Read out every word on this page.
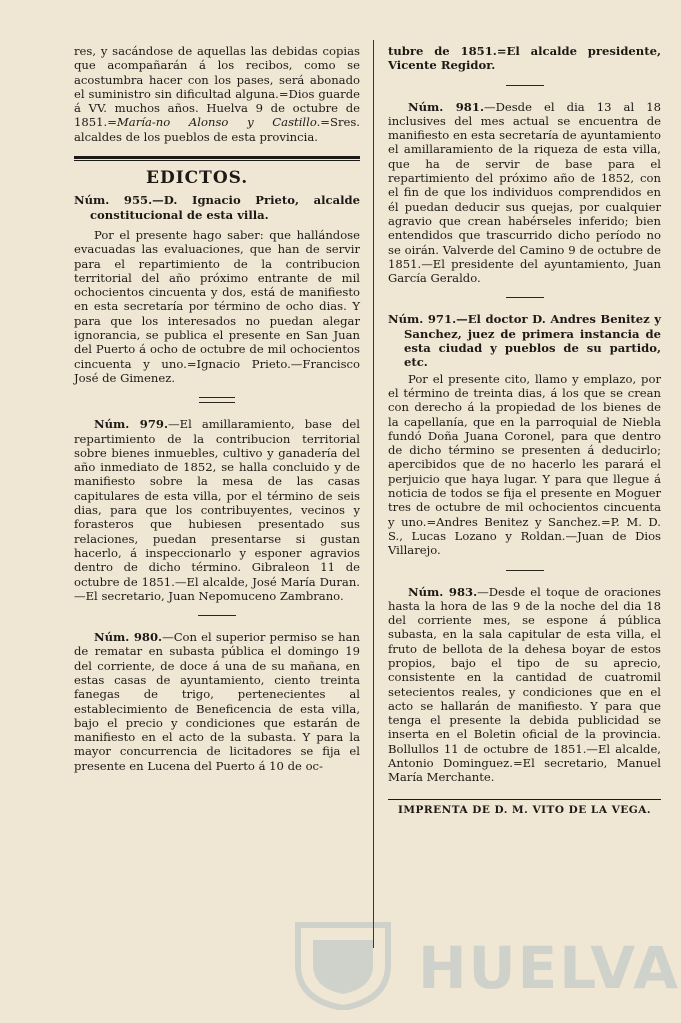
res, y sacándose de aquellas las debidas copias que acompañarán á los recibos, como se acostumbra hacer con los pases, será abonado el suministro sin dificultad alguna.=Dios guarde á VV. muchos años. Huelva 9 de octubre de 1851.=María-no Alonso y Castillo.=Sres. alcaldes de los pueblos de esta provincia.

EDICTOS.

Núm. 955.—D. Ignacio Prieto, alcalde constitucional de esta villa.

Por el presente hago saber: que hallándose evacuadas las evaluaciones, que han de servir para el repartimiento de la contribucion territorial del año próximo entrante de mil ochocientos cincuenta y dos, está de manifiesto en esta secretaría por término de ocho dias. Y para que los interesados no puedan alegar ignorancia, se publica el presente en San Juan del Puerto á ocho de octubre de mil ochocientos cincuenta y uno.=Ignacio Prieto.—Francisco José de Gimenez.

Núm. 979.—El amillaramiento, base del repartimiento de la contribucion territorial sobre bienes inmuebles, cultivo y ganadería del año inmediato de 1852, se halla concluido y de manifiesto sobre la mesa de las casas capitulares de esta villa, por el término de seis dias, para que los contribuyentes, vecinos y forasteros que hubiesen presentado sus relaciones, puedan presentarse si gustan hacerlo, á inspeccionarlo y esponer agravios dentro de dicho término. Gibraleon 11 de octubre de 1851.—El alcalde, José María Duran.—El secretario, Juan Nepomuceno Zambrano.

Núm. 980.—Con el superior permiso se han de rematar en subasta pública el domingo 19 del corriente, de doce á una de su mañana, en estas casas de ayuntamiento, ciento treinta fanegas de trigo, pertenecientes al establecimiento de Beneficencia de esta villa, bajo el precio y condiciones que estarán de manifiesto en el acto de la subasta. Y para la mayor concurrencia de licitadores se fija el presente en Lucena del Puerto á 10 de oc-

tubre de 1851.=El alcalde presidente, Vicente Regidor.

Núm. 981.—Desde el dia 13 al 18 inclusives del mes actual se encuentra de manifiesto en esta secretaría de ayuntamiento el amillaramiento de la riqueza de esta villa, que ha de servir de base para el repartimiento del próximo año de 1852, con el fin de que los individuos comprendidos en él puedan deducir sus quejas, por cualquier agravio que crean habérseles inferido; bien entendidos que trascurrido dicho período no se oirán. Valverde del Camino 9 de octubre de 1851.—El presidente del ayuntamiento, Juan García Geraldo.

Núm. 971.—El doctor D. Andres Benitez y Sanchez, juez de primera instancia de esta ciudad y pueblos de su partido, etc.

Por el presente cito, llamo y emplazo, por el término de treinta dias, á los que se crean con derecho á la propiedad de los bienes de la capellanía, que en la parroquial de Niebla fundó Doña Juana Coronel, para que dentro de dicho término se presenten á deducirlo; apercibidos que de no hacerlo les parará el perjuicio que haya lugar. Y para que llegue á noticia de todos se fija el presente en Moguer tres de octubre de mil ochocientos cincuenta y uno.=Andres Benitez y Sanchez.=P. M. D. S., Lucas Lozano y Roldan.—Juan de Dios Villarejo.

Núm. 983.—Desde el toque de oraciones hasta la hora de las 9 de la noche del dia 18 del corriente mes, se espone á pública subasta, en la sala capitular de esta villa, el fruto de bellota de la dehesa boyar de estos propios, bajo el tipo de su aprecio, consistente en la cantidad de cuatromil setecientos reales, y condiciones que en el acto se hallarán de manifiesto. Y para que tenga el presente la debida publicidad se inserta en el Boletin oficial de la provincia. Bollullos 11 de octubre de 1851.—El alcalde, Antonio Dominguez.=El secretario, Manuel María Merchante.

IMPRENTA DE D. M. VITO DE LA VEGA.
HUELVA
